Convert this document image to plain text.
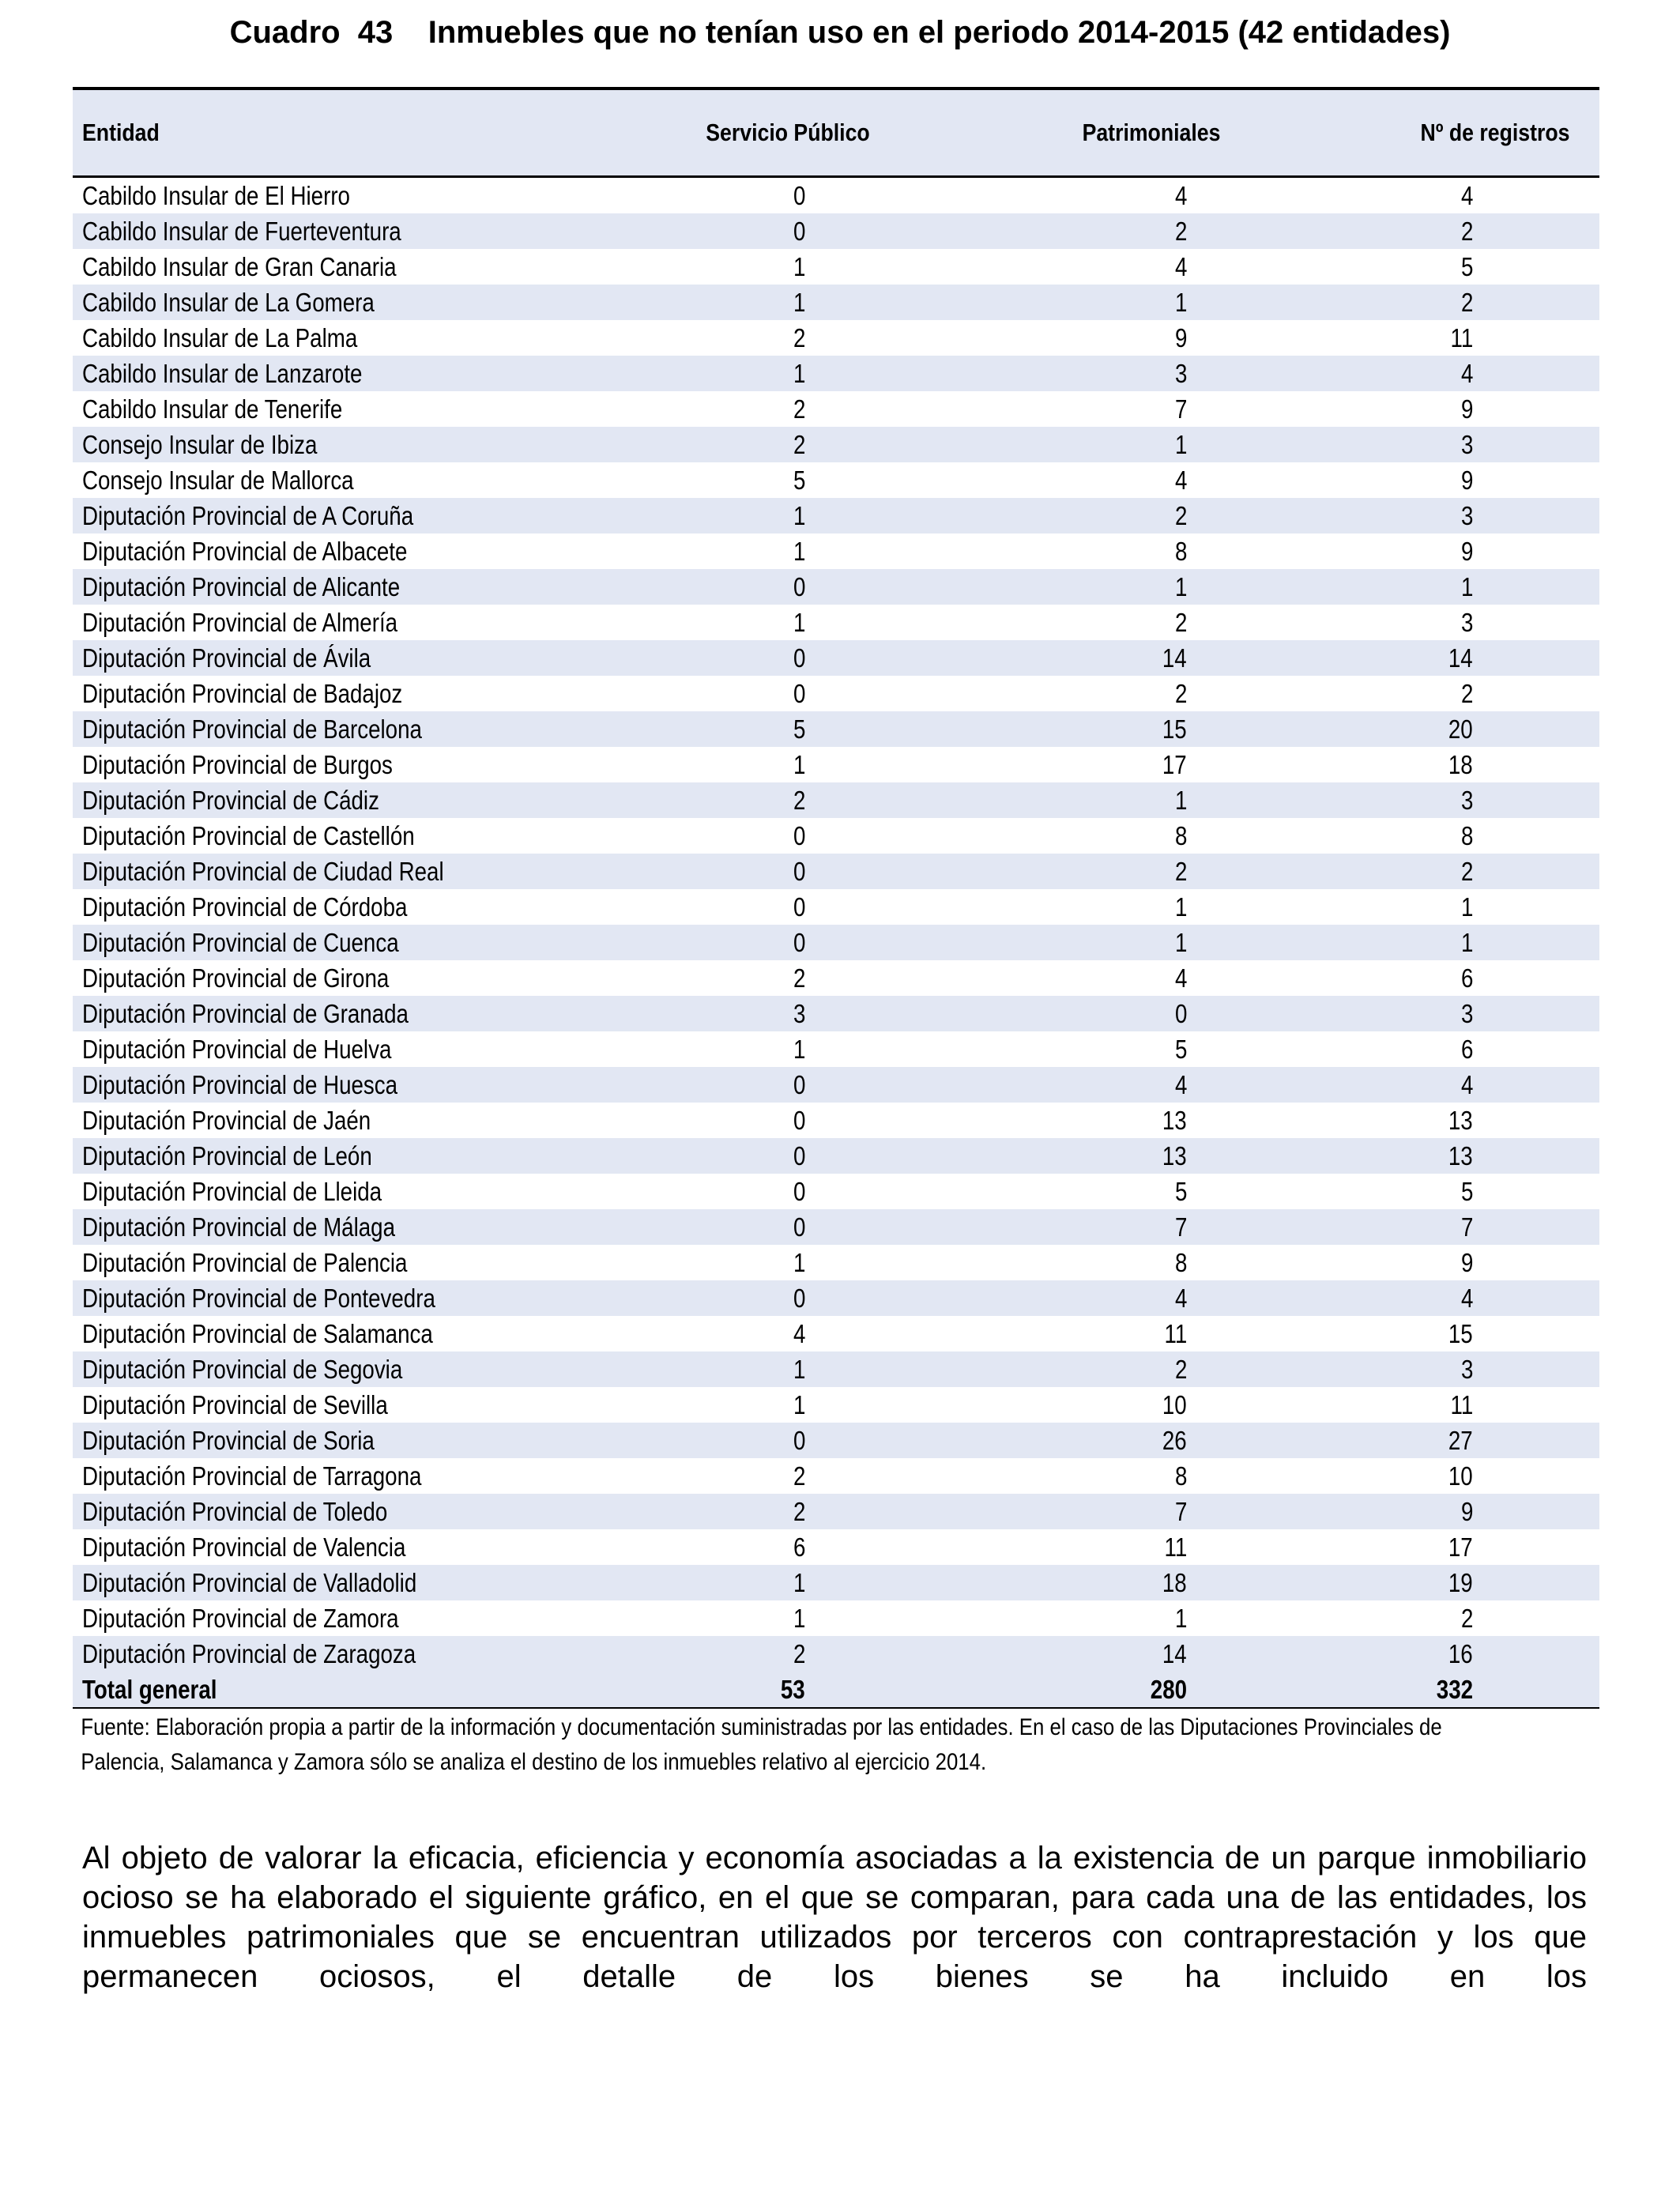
Cuadro  43    Inmuebles que no tenían uso en el periodo 2014-2015 (42 entidades)
Entidad	Servicio Público	Patrimoniales	Nº de registros
Cabildo Insular de El Hierro	0	4	4
Cabildo Insular de Fuerteventura	0	2	2
Cabildo Insular de Gran Canaria	1	4	5
Cabildo Insular de La Gomera	1	1	2
Cabildo Insular de La Palma	2	9	11
Cabildo Insular de Lanzarote	1	3	4
Cabildo Insular de Tenerife	2	7	9
Consejo Insular de Ibiza	2	1	3
Consejo Insular de Mallorca	5	4	9
Diputación Provincial de A Coruña	1	2	3
Diputación Provincial de Albacete	1	8	9
Diputación Provincial de Alicante	0	1	1
Diputación Provincial de Almería	1	2	3
Diputación Provincial de Ávila	0	14	14
Diputación Provincial de Badajoz	0	2	2
Diputación Provincial de Barcelona	5	15	20
Diputación Provincial de Burgos	1	17	18
Diputación Provincial de Cádiz	2	1	3
Diputación Provincial de Castellón	0	8	8
Diputación Provincial de Ciudad Real	0	2	2
Diputación Provincial de Córdoba	0	1	1
Diputación Provincial de Cuenca	0	1	1
Diputación Provincial de Girona	2	4	6
Diputación Provincial de Granada	3	0	3
Diputación Provincial de Huelva	1	5	6
Diputación Provincial de Huesca	0	4	4
Diputación Provincial de Jaén	0	13	13
Diputación Provincial de León	0	13	13
Diputación Provincial de Lleida	0	5	5
Diputación Provincial de Málaga	0	7	7
Diputación Provincial de Palencia	1	8	9
Diputación Provincial de Pontevedra	0	4	4
Diputación Provincial de Salamanca	4	11	15
Diputación Provincial de Segovia	1	2	3
Diputación Provincial de Sevilla	1	10	11
Diputación Provincial de Soria	0	26	27
Diputación Provincial de Tarragona	2	8	10
Diputación Provincial de Toledo	2	7	9
Diputación Provincial de Valencia	6	11	17
Diputación Provincial de Valladolid	1	18	19
Diputación Provincial de Zamora	1	1	2
Diputación Provincial de Zaragoza	2	14	16
Total general	53	280	332
Fuente: Elaboración propia a partir de la información y documentación suministradas por las entidades. En el caso de las Diputaciones Provinciales de Palencia, Salamanca y Zamora sólo se analiza el destino de los inmuebles relativo al ejercicio 2014.
Al objeto de valorar la eficacia, eficiencia y economía asociadas a la existencia de un parque inmobiliario ocioso se ha elaborado el siguiente gráfico, en el que se comparan, para cada una de las entidades, los inmuebles patrimoniales que se encuentran utilizados por terceros con contraprestación y los que permanecen ociosos, el detalle de los bienes se ha incluido en los
